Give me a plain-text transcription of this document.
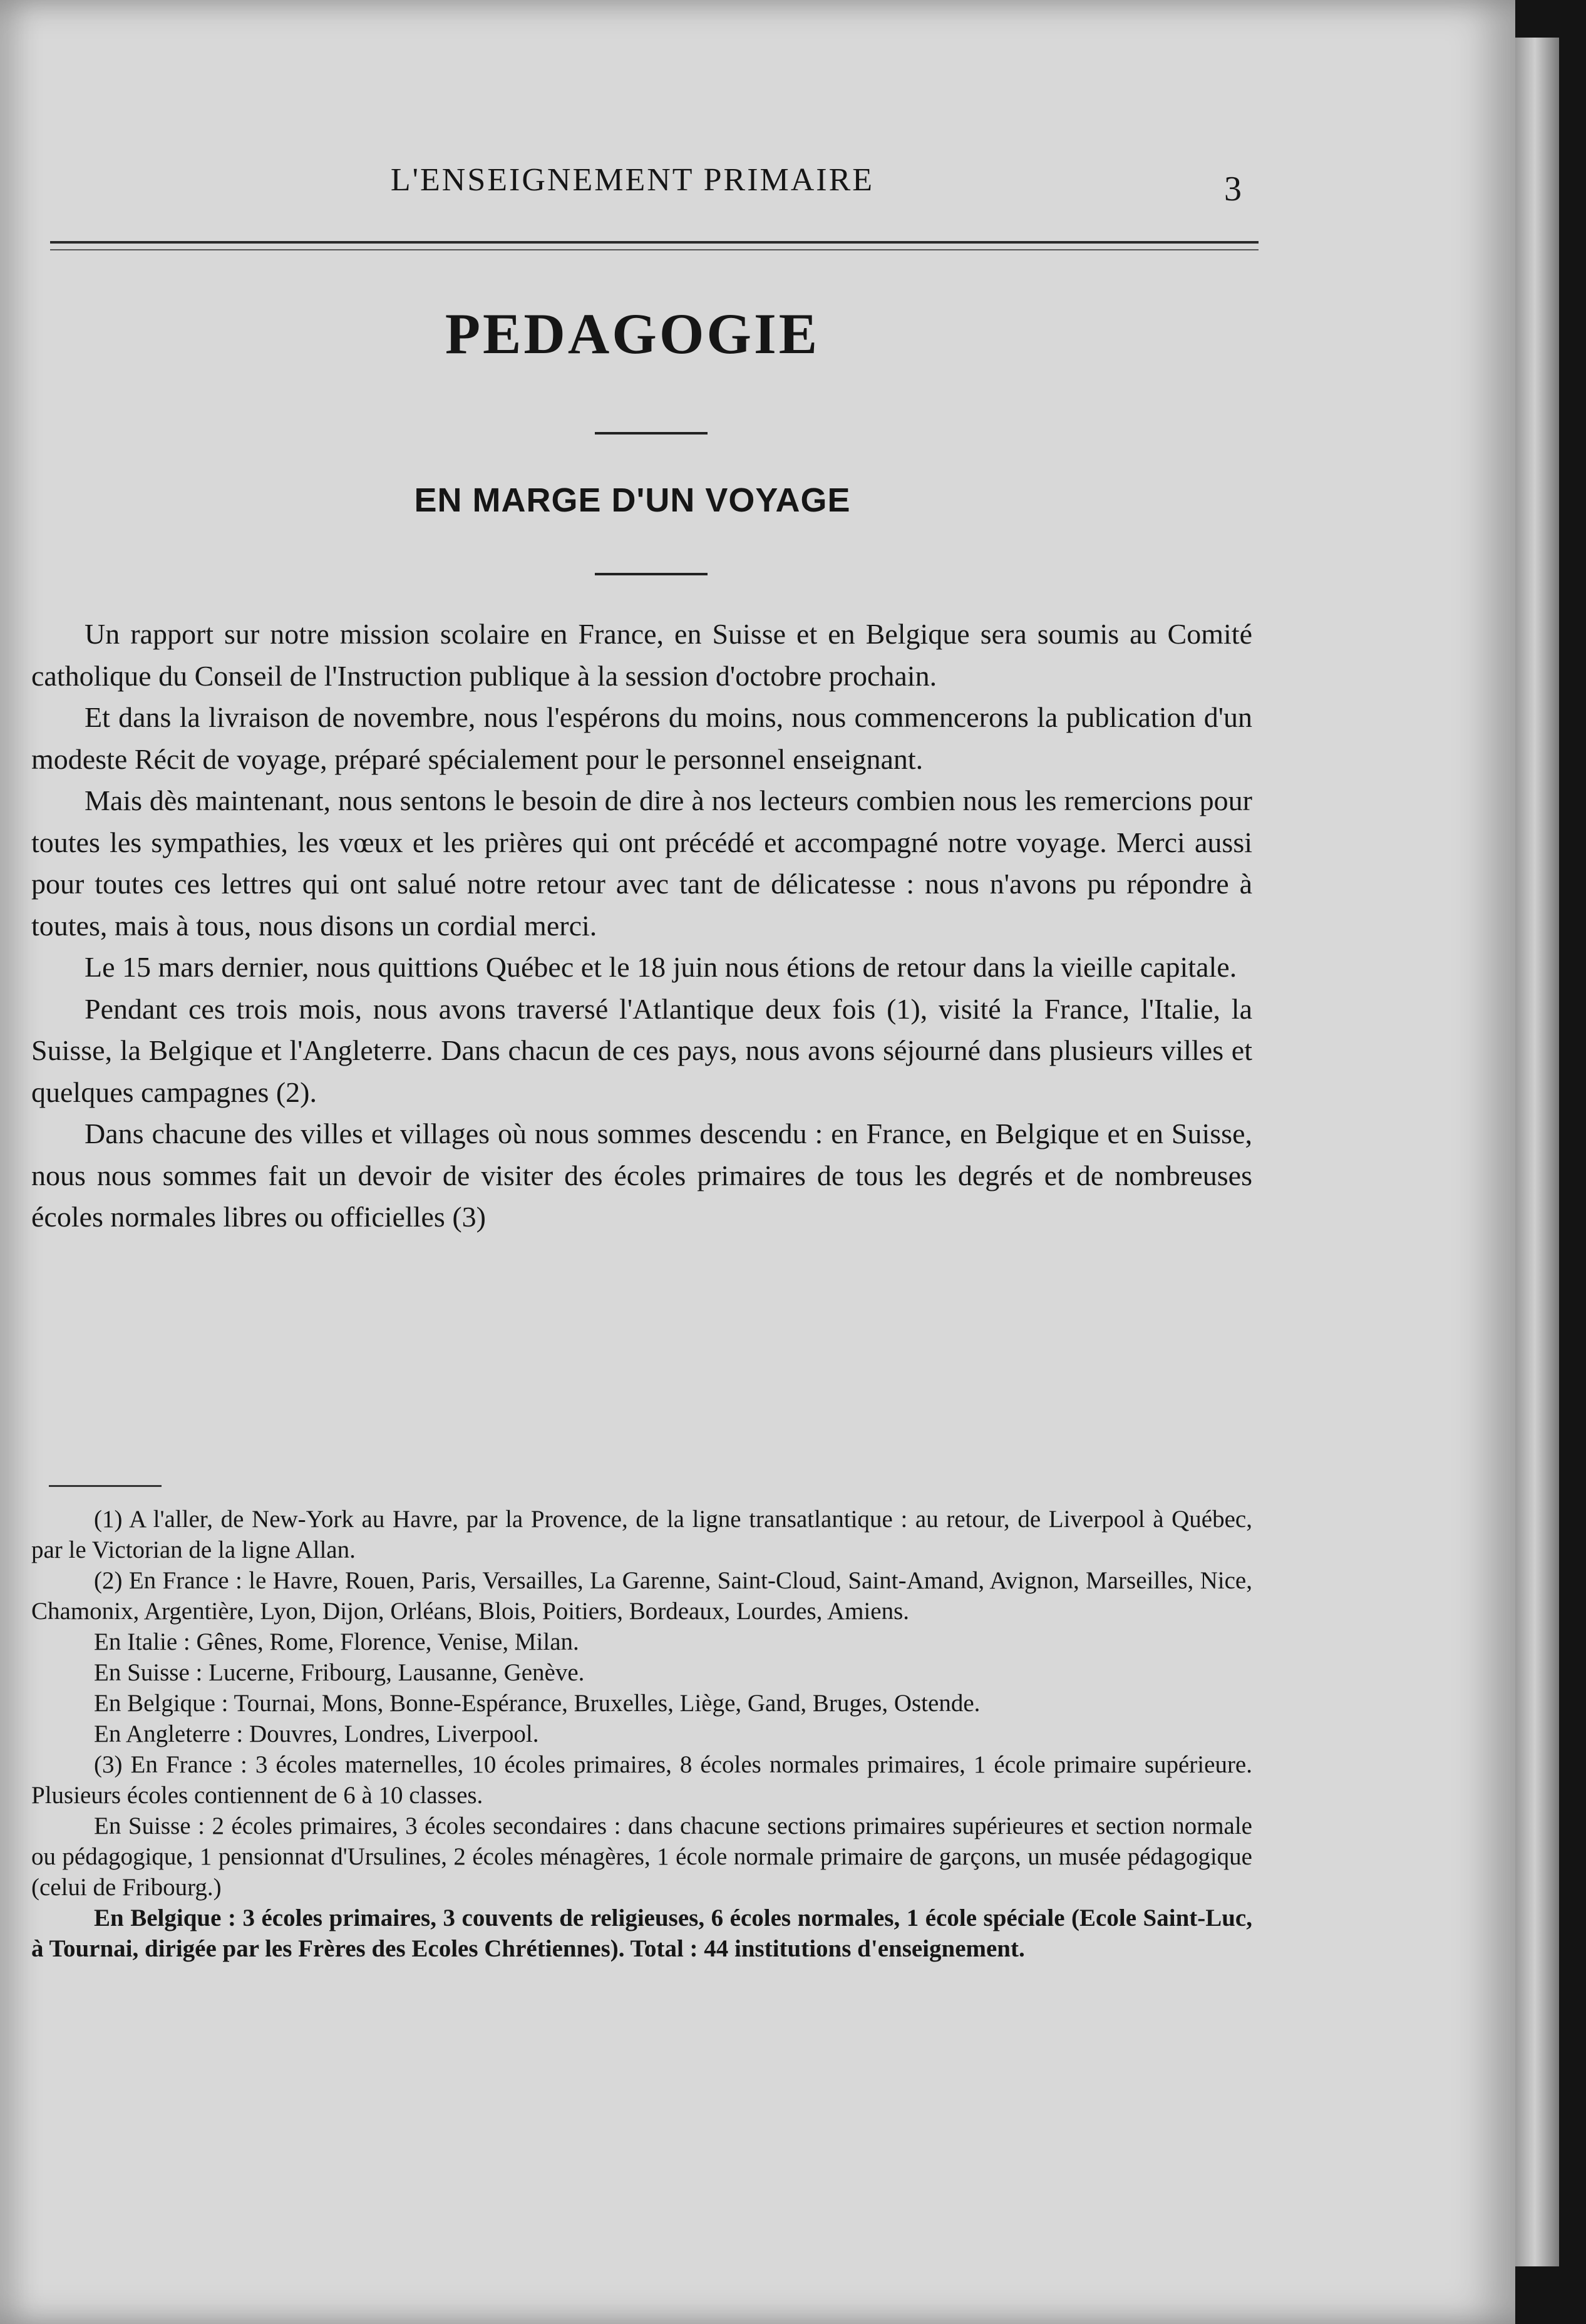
L'ENSEIGNEMENT PRIMAIRE	3
PEDAGOGIE
EN MARGE D'UN VOYAGE

Un rapport sur notre mission scolaire en France, en Suisse et en Belgique sera soumis au Comité catholique du Conseil de l'Instruction publique à la session d'octobre prochain.

Et dans la livraison de novembre, nous l'espérons du moins, nous commencerons la publication d'un modeste Récit de voyage, préparé spécialement pour le personnel enseignant.

Mais dès maintenant, nous sentons le besoin de dire à nos lecteurs combien nous les remercions pour toutes les sympathies, les vœux et les prières qui ont précédé et accompagné notre voyage. Merci aussi pour toutes ces lettres qui ont salué notre retour avec tant de délicatesse : nous n'avons pu répondre à toutes, mais à tous, nous disons un cordial merci.

Le 15 mars dernier, nous quittions Québec et le 18 juin nous étions de retour dans la vieille capitale.

Pendant ces trois mois, nous avons traversé l'Atlantique deux fois (1), visité la France, l'Italie, la Suisse, la Belgique et l'Angleterre. Dans chacun de ces pays, nous avons séjourné dans plusieurs villes et quelques campagnes (2).

Dans chacune des villes et villages où nous sommes descendu : en France, en Belgique et en Suisse, nous nous sommes fait un devoir de visiter des écoles primaires de tous les degrés et de nombreuses écoles normales libres ou officielles (3)

(1) A l'aller, de New-York au Havre, par la Provence, de la ligne transatlantique : au retour, de Liverpool à Québec, par le Victorian de la ligne Allan.

(2) En France : le Havre, Rouen, Paris, Versailles, La Garenne, Saint-Cloud, Saint-Amand, Avignon, Marseilles, Nice, Chamonix, Argentière, Lyon, Dijon, Orléans, Blois, Poitiers, Bordeaux, Lourdes, Amiens.

En Italie : Gênes, Rome, Florence, Venise, Milan.

En Suisse : Lucerne, Fribourg, Lausanne, Genève.

En Belgique : Tournai, Mons, Bonne-Espérance, Bruxelles, Liège, Gand, Bruges, Ostende.

En Angleterre : Douvres, Londres, Liverpool.

(3) En France : 3 écoles maternelles, 10 écoles primaires, 8 écoles normales primaires, 1 école primaire supérieure. Plusieurs écoles contiennent de 6 à 10 classes.

En Suisse : 2 écoles primaires, 3 écoles secondaires : dans chacune sections primaires supérieures et section normale ou pédagogique, 1 pensionnat d'Ursulines, 2 écoles ménagères, 1 école normale primaire de garçons, un musée pédagogique (celui de Fribourg.)

En Belgique : 3 écoles primaires, 3 couvents de religieuses, 6 écoles normales, 1 école spéciale (Ecole Saint-Luc, à Tournai, dirigée par les Frères des Ecoles Chrétiennes). Total : 44 institutions d'enseignement.
